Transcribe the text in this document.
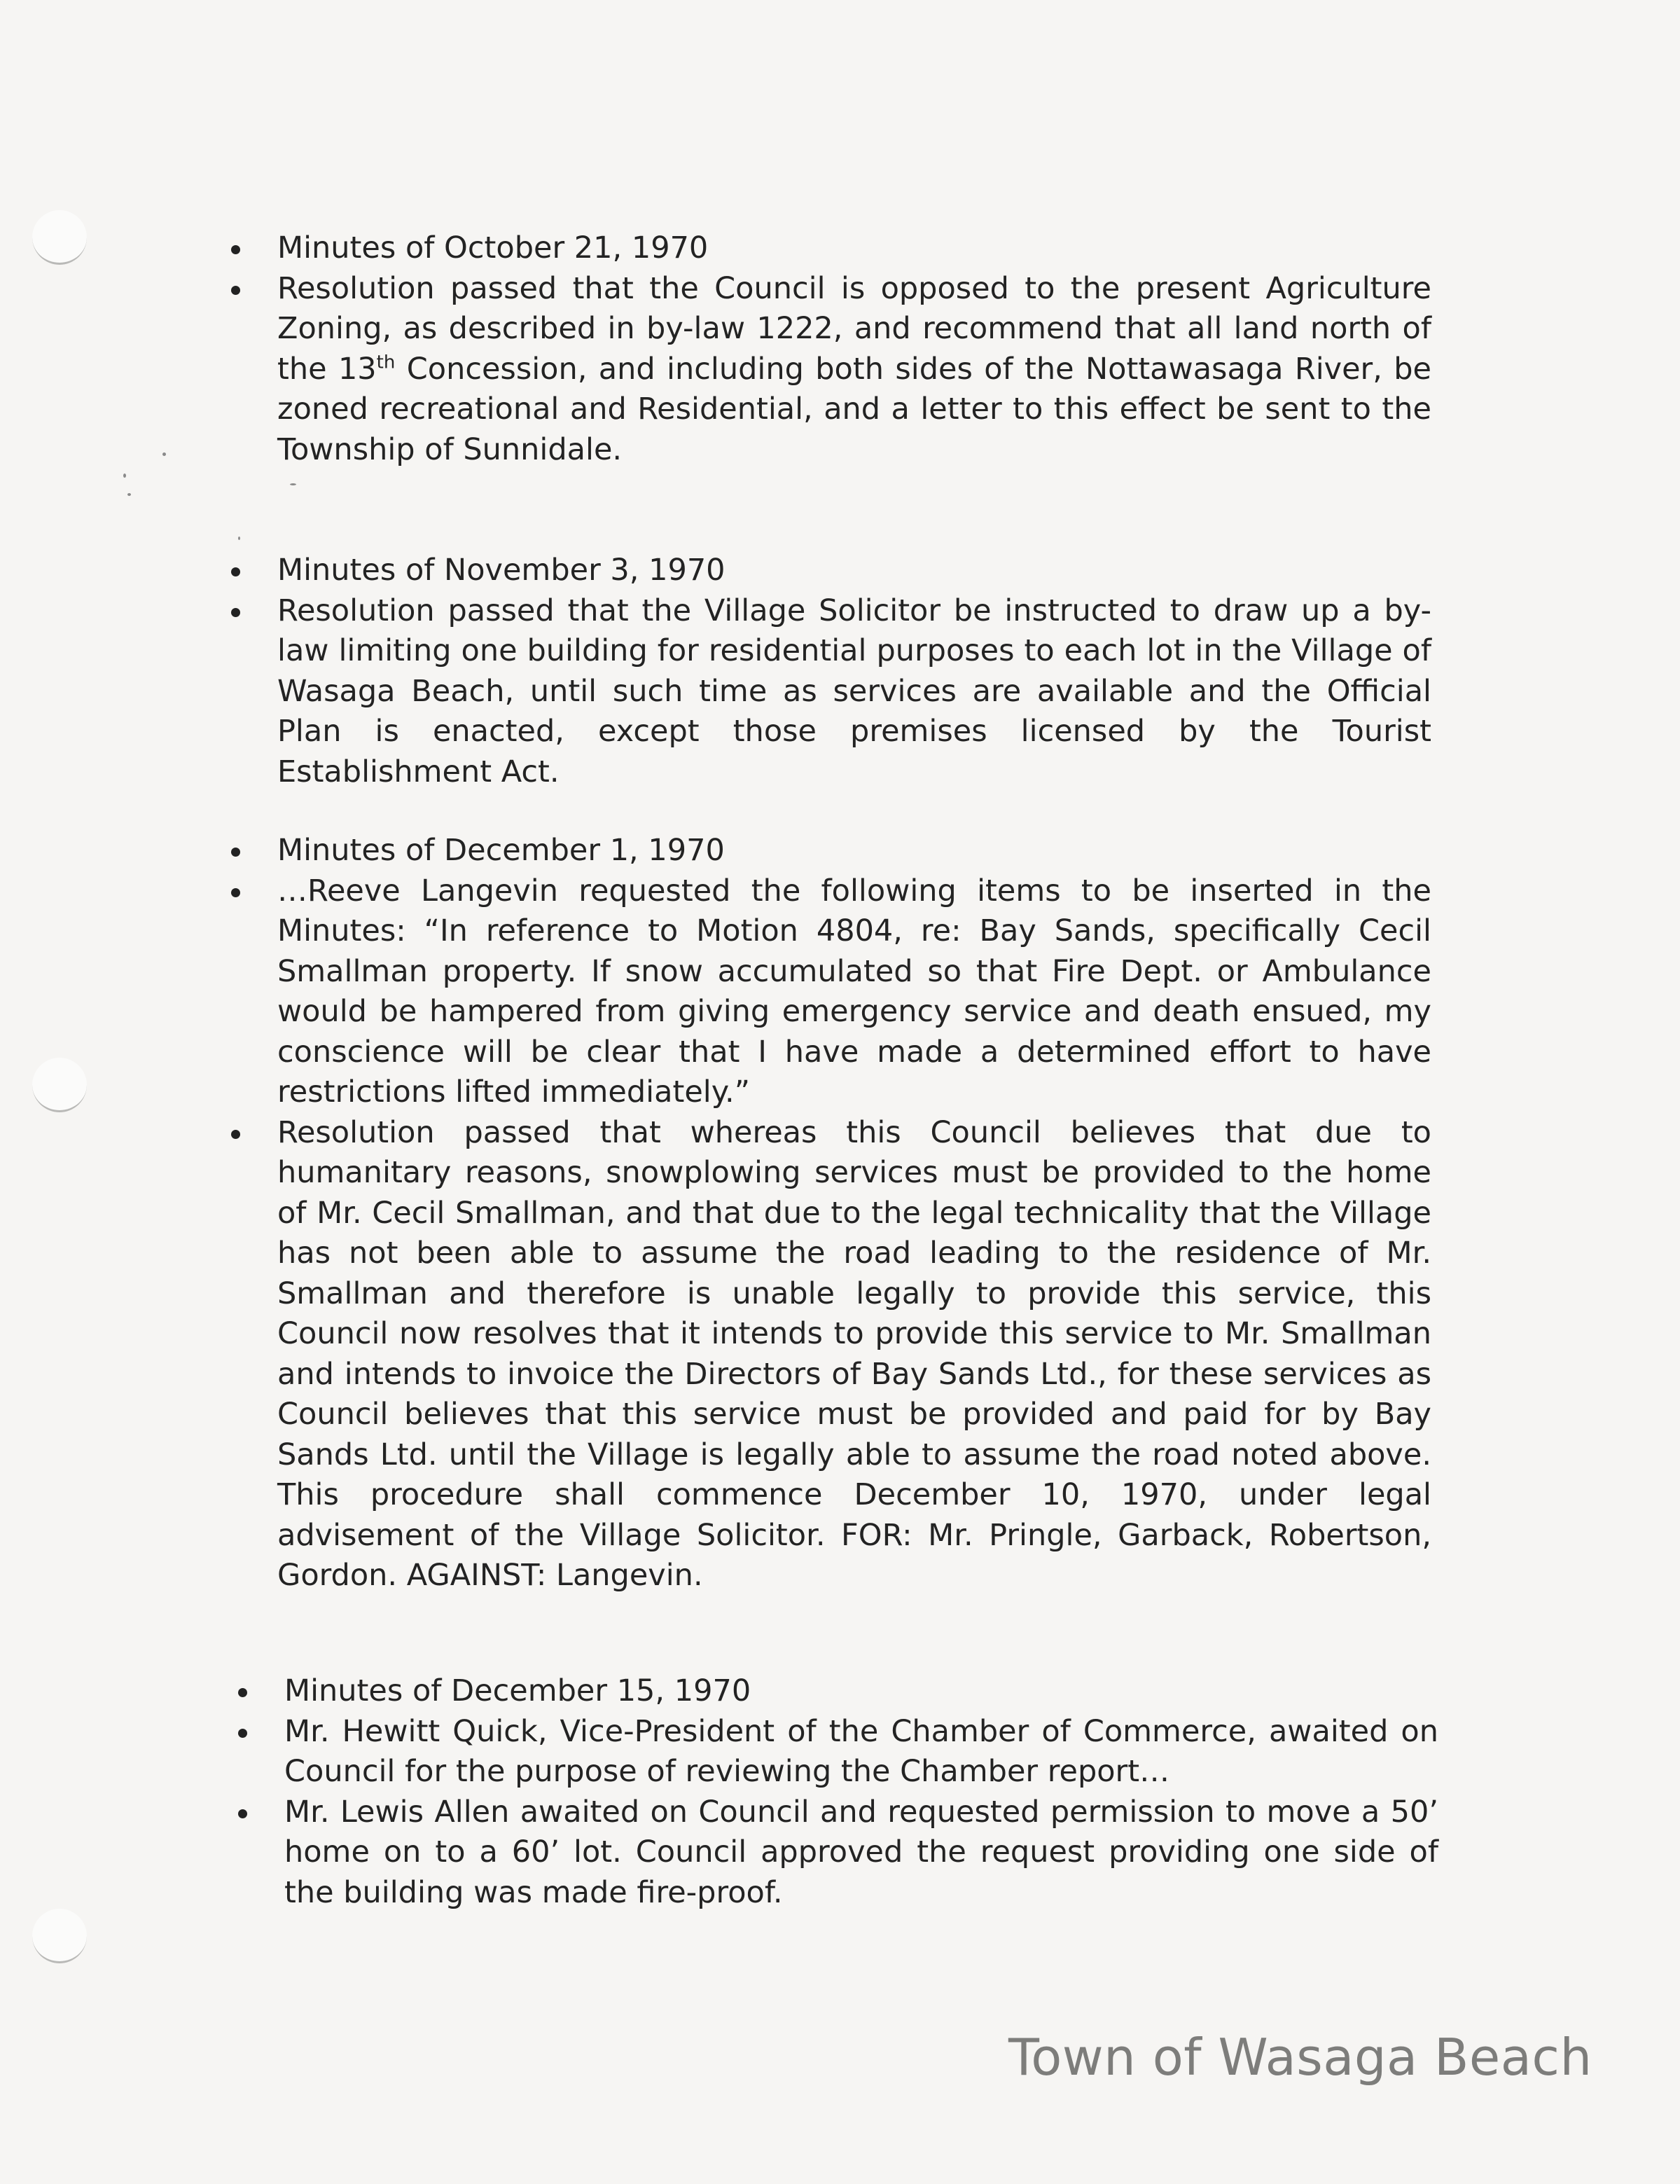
Minutes of October 21, 1970

Resolution passed that the Council is opposed to the present Agriculture Zoning, as described in by-law 1222, and recommend that all land north of the 13th Concession, and including both sides of the Nottawasaga River, be zoned recreational and Residential, and a letter to this effect be sent to the Township of Sunnidale.

Minutes of November 3, 1970

Resolution passed that the Village Solicitor be instructed to draw up a by-law limiting one building for residential purposes to each lot in the Village of Wasaga Beach, until such time as services are available and the Official Plan is enacted, except those premises licensed by the Tourist Establishment Act.

Minutes of December 1, 1970

…Reeve Langevin requested the following items to be inserted in the Minutes: “In reference to Motion 4804, re: Bay Sands, specifically Cecil Smallman property. If snow accumulated so that Fire Dept. or Ambulance would be hampered from giving emergency service and death ensued, my conscience will be clear that I have made a determined effort to have restrictions lifted immediately.”

Resolution passed that whereas this Council believes that due to humanitary reasons, snowplowing services must be provided to the home of Mr. Cecil Smallman, and that due to the legal technicality that the Village has not been able to assume the road leading to the residence of Mr. Smallman and therefore is unable legally to provide this service, this Council now resolves that it intends to provide this service to Mr. Smallman and intends to invoice the Directors of Bay Sands Ltd., for these services as Council believes that this service must be provided and paid for by Bay Sands Ltd. until the Village is legally able to assume the road noted above. This procedure shall commence December 10, 1970, under legal advisement of the Village Solicitor. FOR: Mr. Pringle, Garback, Robertson, Gordon. AGAINST: Langevin.

Minutes of December 15, 1970

Mr. Hewitt Quick, Vice-President of the Chamber of Commerce, awaited on Council for the purpose of reviewing the Chamber report…

Mr. Lewis Allen awaited on Council and requested permission to move a 50’ home on to a 60’ lot. Council approved the request providing one side of the building was made fire-proof.

Town of Wasaga Beach
